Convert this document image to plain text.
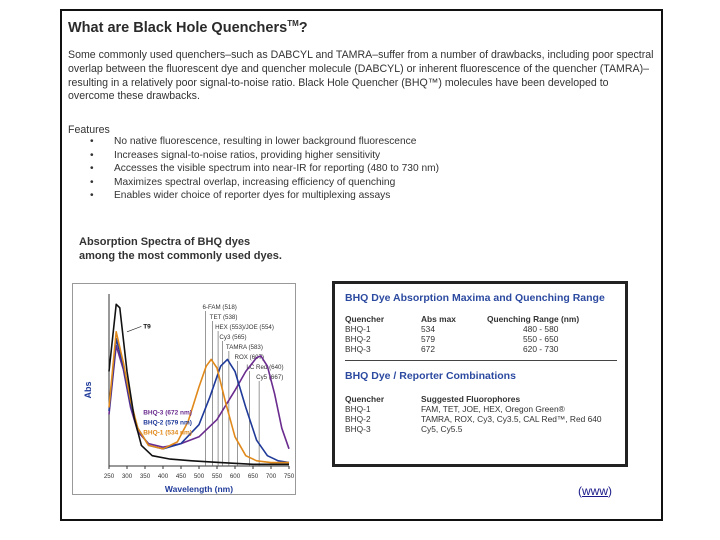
What are Black Hole Quenchers™?
Some commonly used quenchers–such as DABCYL and TAMRA–suffer from a number of drawbacks, including poor spectral overlap between the fluorescent dye and quencher molecule (DABCYL) or inherent fluorescence of the quencher (TAMRA)–resulting in a relatively poor signal-to-noise ratio. Black Hole Quencher (BHQ™) molecules have been developed to overcome these drawbacks.
Features
• No native fluorescence, resulting in lower background fluorescence
• Increases signal-to-noise ratios, providing higher sensitivity
• Accesses the visible spectrum into near-IR for reporting (480 to 730 nm)
• Maximizes spectral overlap, increasing efficiency of quenching
• Enables wider choice of reporter dyes for multiplexing assays
Absorption Spectra of BHQ dyes
among the most commonly used dyes.
250 300 350 400 450 500 550 600 650 700 750
Wavelength (nm)
Abs
6-FAM (518)
TET (538)
HEX (553)/JOE (554)
Cy3 (565)
TAMRA (583)
ROX (607)
LC Red (640)
Cy5 (667)
T9
BHQ-3 (672 nm)
BHQ-2 (579 nm)
BHQ-1 (534 nm)
BHQ Dye Absorption Maxima and Quenching Range
Quencher	Abs max	Quenching Range (nm)
BHQ-1	534	480 - 580
BHQ-2	579	550 - 650
BHQ-3	672	620 - 730
BHQ Dye / Reporter Combinations
Quencher	Suggested Fluorophores
BHQ-1	FAM, TET, JOE, HEX, Oregon Green®
BHQ-2	TAMRA, ROX, Cy3, Cy3.5, CAL Red™, Red 640
BHQ-3	Cy5, Cy5.5
(www)
